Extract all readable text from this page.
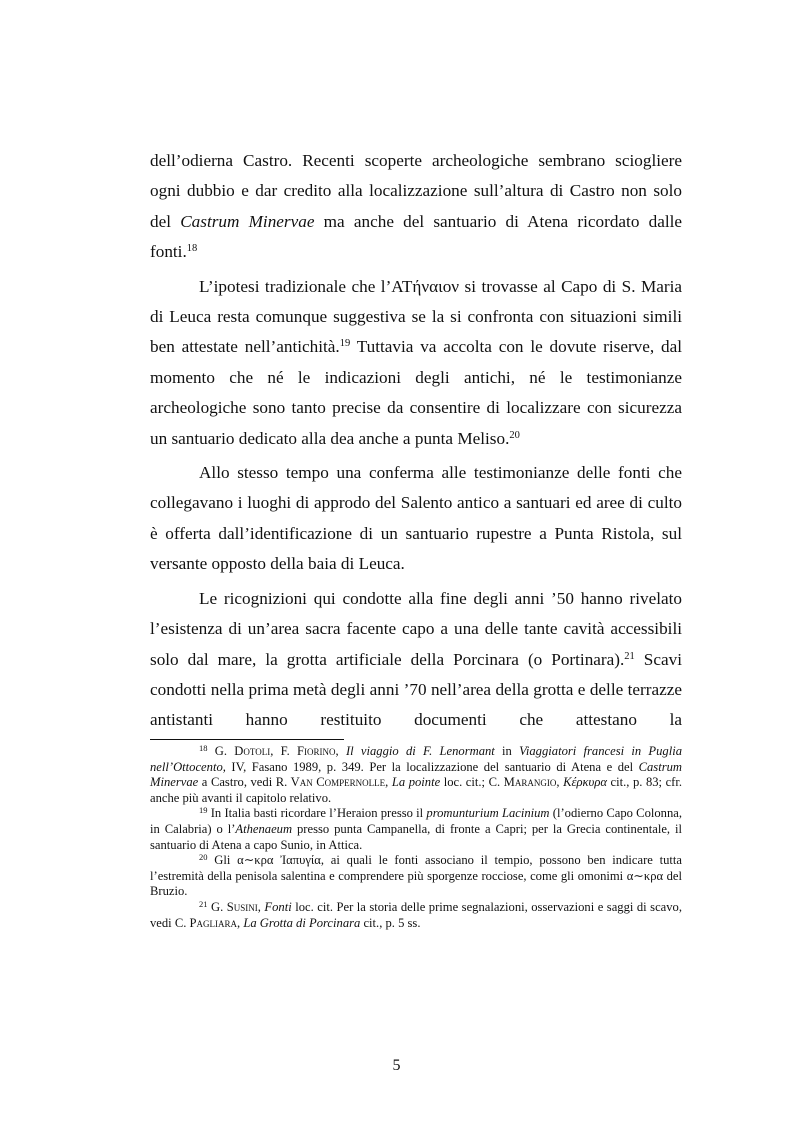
dell’odierna Castro. Recenti scoperte archeologiche sembrano sciogliere ogni dubbio e dar credito alla localizzazione sull’altura di Castro non solo del Castrum Minervae ma anche del santuario di Atena ricordato dalle fonti.$^{18}$

L’ipotesi tradizionale che l’ΑΤήναιον si trovasse al Capo di S. Maria di Leuca resta comunque suggestiva se la si confronta con situazioni simili ben attestate nell’antichità.$^{19}$ Tuttavia va accolta con le dovute riserve, dal momento che né le indicazioni degli antichi, né le testimonianze archeologiche sono tanto precise da consentire di localizzare con sicurezza un santuario dedicato alla dea anche a punta Meliso.$^{20}$

Allo stesso tempo una conferma alle testimonianze delle fonti che collegavano i luoghi di approdo del Salento antico a santuari ed aree di culto è offerta dall’identificazione di un santuario rupestre a Punta Ristola, sul versante opposto della baia di Leuca.

Le ricognizioni qui condotte alla fine degli anni ’50 hanno rivelato l’esistenza di un’area sacra facente capo a una delle tante cavità accessibili solo dal mare, la grotta artificiale della Porcinara (o Portinara).$^{21}$ Scavi condotti nella prima metà degli anni ’70 nell’area della grotta e delle terrazze antistanti hanno restituito documenti che attestano la

$^{18}$ G. Dotoli, F. Fiorino, Il viaggio di F. Lenormant in Viaggiatori francesi in Puglia nell’Ottocento, IV, Fasano 1989, p. 349. Per la localizzazione del santuario di Atena e del Castrum Minervae a Castro, vedi R. Van Compernolle, La pointe loc. cit.; C. Marangio, Κέρκυρα cit., p. 83; cfr. anche più avanti il capitolo relativo.

$^{19}$ In Italia basti ricordare l’Heraion presso il promunturium Lacinium (l’odierno Capo Colonna, in Calabria) o l’Athenaeum presso punta Campanella, di fronte a Capri; per la Grecia continentale, il santuario di Atena a capo Sunio, in Attica.

$^{20}$ Gli α∼κρα Ἰαπυγία, ai quali le fonti associano il tempio, possono ben indicare tutta l’estremità della penisola salentina e comprendere più sporgenze rocciose, come gli omonimi α∼κρα del Bruzio.

$^{21}$ G. Susini, Fonti loc. cit. Per la storia delle prime segnalazioni, osservazioni e saggi di scavo, vedi C. Pagliara, La Grotta di Porcinara cit., p. 5 ss.

5
